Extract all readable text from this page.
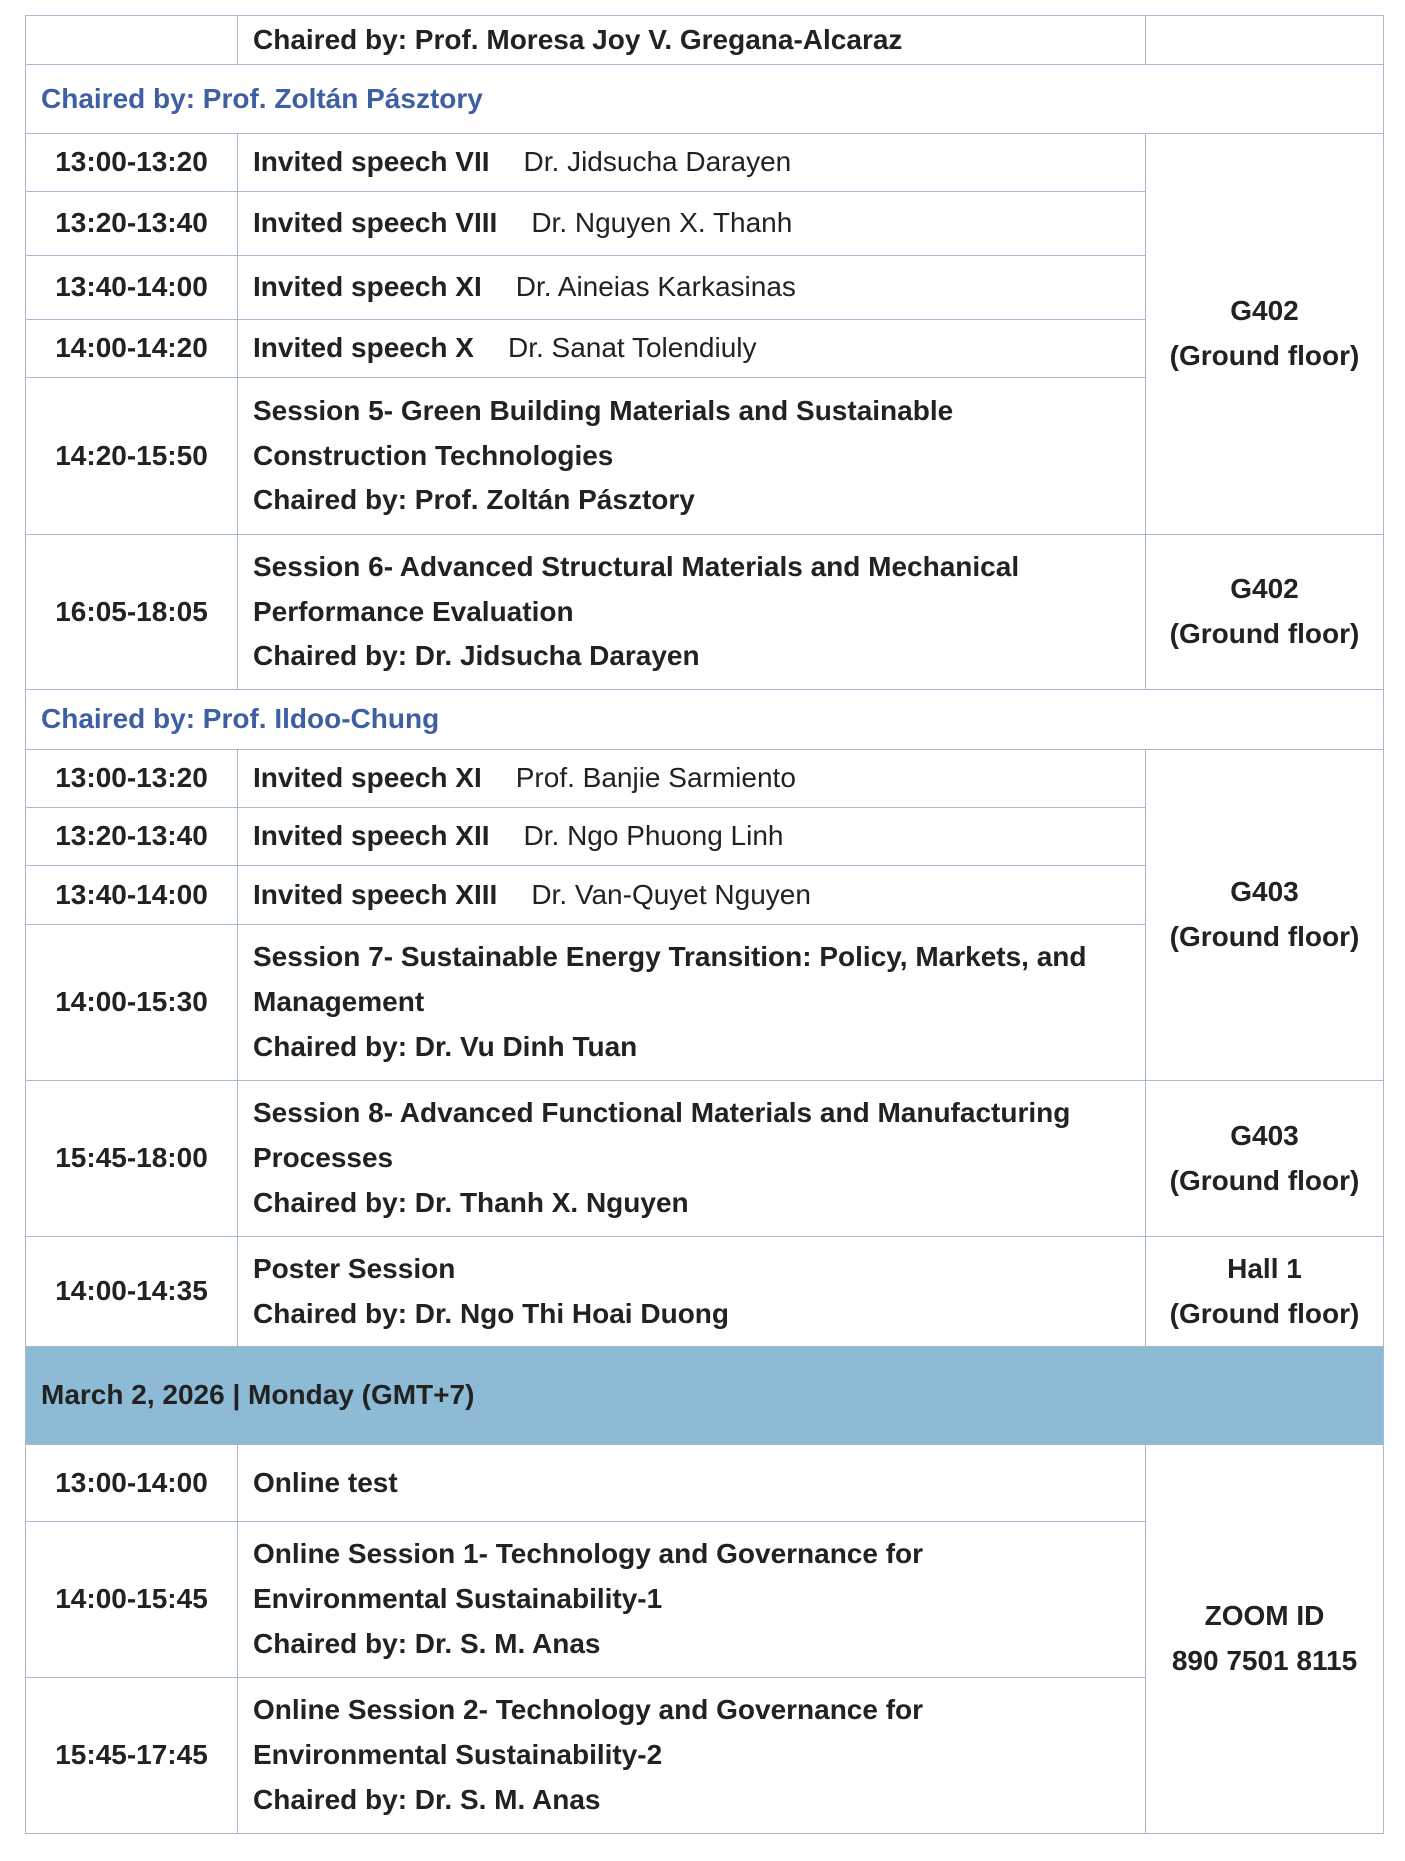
	Chaired by: Prof. Moresa Joy V. Gregana-Alcaraz	
Chaired by: Prof. Zoltán Pásztory		
13:00-13:20	Invited speech VII Dr. Jidsucha Darayen	G402
(Ground floor)

13:20-13:40	Invited speech VIII Dr. Nguyen X. Thanh	
13:40-14:00	Invited speech XI Dr. Aineias Karkasinas	
14:00-14:20	Invited speech X Dr. Sanat Tolendiuly	
14:20-15:50	Session 5- Green Building Materials and Sustainable
Construction Technologies
Chaired by: Prof. Zoltán Pásztory	

16:05-18:05	Session 6- Advanced Structural Materials and Mechanical
Performance Evaluation
Chaired by: Dr. Jidsucha Darayen	G402
(Ground floor)

Chaired by: Prof. Ildoo-Chung		
13:00-13:20	Invited speech XI Prof. Banjie Sarmiento	G403
(Ground floor)

13:20-13:40	Invited speech XII Dr. Ngo Phuong Linh	
13:40-14:00	Invited speech XIII Dr. Van-Quyet Nguyen	
14:00-15:30	Session 7- Sustainable Energy Transition: Policy, Markets, and
Management
Chaired by: Dr. Vu Dinh Tuan	

15:45-18:00	Session 8- Advanced Functional Materials and Manufacturing
Processes
Chaired by: Dr. Thanh X. Nguyen	G403
(Ground floor)

14:00-14:35	Poster Session
Chaired by: Dr. Ngo Thi Hoai Duong	Hall 1
(Ground floor)

March 2, 2026 | Monday (GMT+7)		
13:00-14:00	Online test	ZOOM ID
890 7501 8115

14:00-15:45	Online Session 1- Technology and Governance for
Environmental Sustainability-1
Chaired by: Dr. S. M. Anas	

15:45-17:45	Online Session 2- Technology and Governance for
Environmental Sustainability-2
Chaired by: Dr. S. M. Anas	
